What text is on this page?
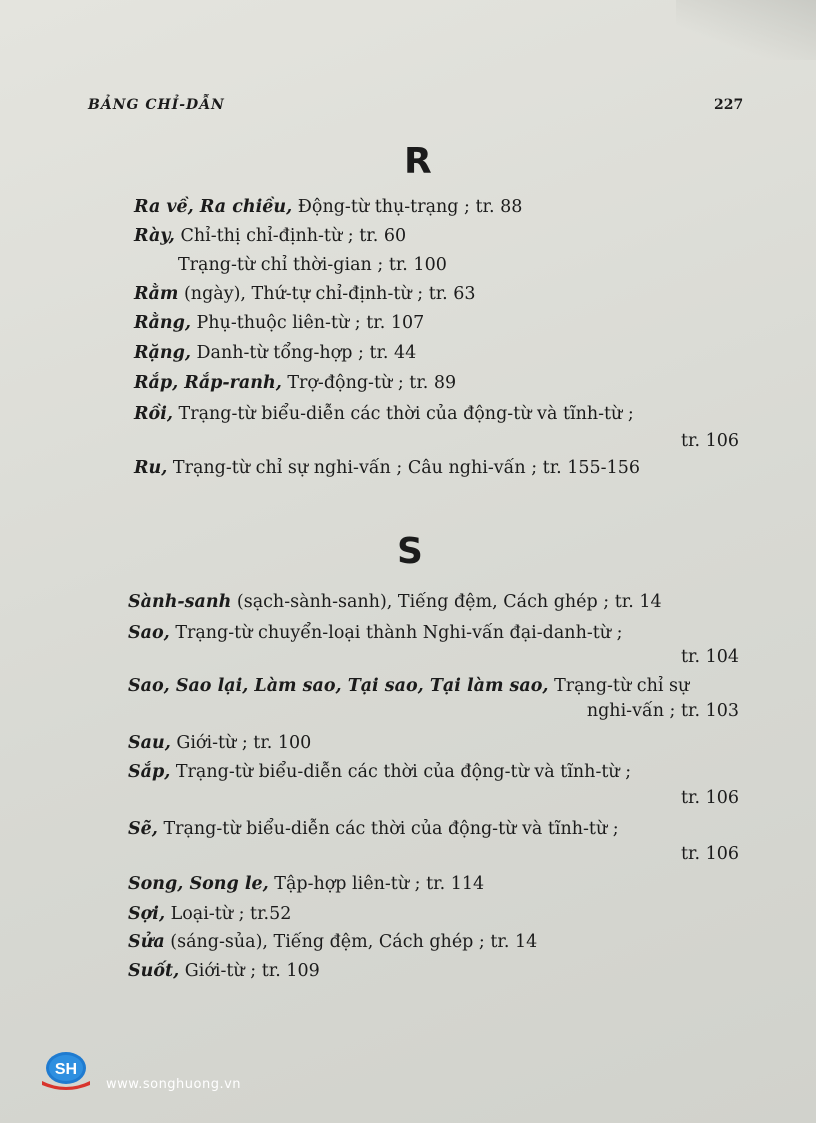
BẢNG CHỈ-DẪN	227
R
Ra về, Ra chiều, Động-từ thụ-trạng ; tr. 88
Rày, Chỉ-thị chỉ-định-từ ; tr. 60
Trạng-từ chỉ thời-gian ; tr. 100
Rằm (ngày), Thứ-tự chỉ-định-từ ; tr. 63
Rằng, Phụ-thuộc liên-từ ; tr. 107
Rặng, Danh-từ tổng-hợp ; tr. 44
Rắp, Rắp-ranh, Trợ-động-từ ; tr. 89
Rồi, Trạng-từ biểu-diễn các thời của động-từ và tĩnh-từ ;
tr. 106
Ru, Trạng-từ chỉ sự nghi-vấn ; Câu nghi-vấn ; tr. 155-156
S
Sành-sanh (sạch-sành-sanh), Tiếng đệm, Cách ghép ; tr. 14
Sao, Trạng-từ chuyển-loại thành Nghi-vấn đại-danh-từ ;
tr. 104
Sao, Sao lại, Làm sao, Tại sao, Tại làm sao, Trạng-từ chỉ sự
nghi-vấn ; tr. 103
Sau, Giới-từ ; tr. 100
Sắp, Trạng-từ biểu-diễn các thời của động-từ và tĩnh-từ ;
tr. 106
Sẽ, Trạng-từ biểu-diễn các thời của động-từ và tĩnh-từ ;
tr. 106
Song, Song le, Tập-hợp liên-từ ; tr. 114
Sợi, Loại-từ ; tr.52
Sửa (sáng-sủa), Tiếng đệm, Cách ghép ; tr. 14
Suốt, Giới-từ ; tr. 109
SH
www.songhuong.vn
